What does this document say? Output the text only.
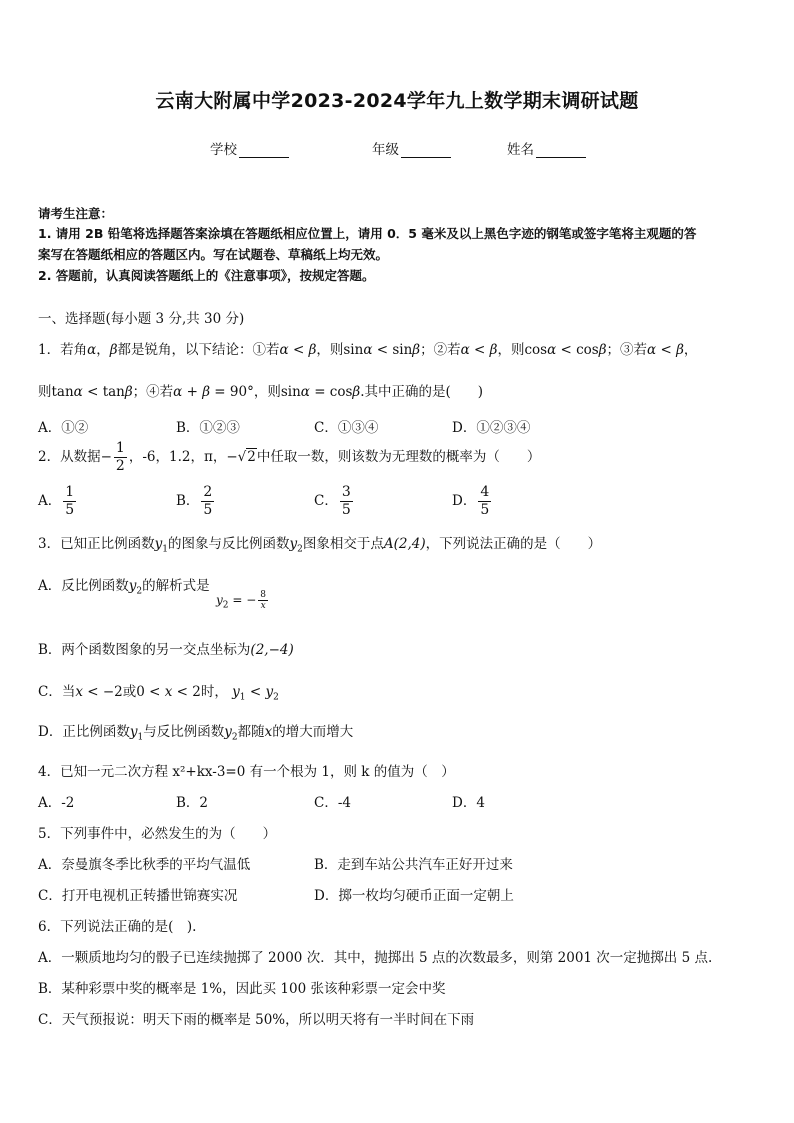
云南大附属中学2023-2024学年九上数学期末调研试题
学校	年级	姓名
请考生注意：
1. 请用 2B 铅笔将选择题答案涂填在答题纸相应位置上，请用 0．5 毫米及以上黑色字迹的钢笔或签字笔将主观题的答
案写在答题纸相应的答题区内。写在试题卷、草稿纸上均无效。
2. 答题前，认真阅读答题纸上的《注意事项》，按规定答题。
一、选择题(每小题 3 分,共 30 分)
1．若角α，β都是锐角，以下结论：①若α < β，则sinα < sinβ；②若α < β，则cosα < cosβ；③若α < β，
则tanα < tanβ；④若α + β = 90°，则sinα = cosβ.其中正确的是(　　)
A．①②	B．①②③	C．①③④	D．①②③④
2．从数据− $\frac{1}{2}$ ，-6，1.2，π，−√2中任取一数，则该数为无理数的概率为（　　）
A． $\frac{1}{5}$	B． $\frac{2}{5}$	C． $\frac{3}{5}$	D． $\frac{4}{5}$
3．已知正比例函数$y_1$的图象与反比例函数$y_2$图象相交于点A(2,4)，下列说法正确的是（　　）
A．反比例函数$y_2$的解析式是
$y_2$ = − $\frac{8}{x}$
B．两个函数图象的另一交点坐标为(2,−4)
C．当x < −2或0 < x < 2时， $y_1 < y_2$
D．正比例函数$y_1$与反比例函数$y_2$都随x的增大而增大
4．已知一元二次方程 x²+kx-3=0 有一个根为 1，则 k 的值为（　）
A．-2	B．2	C．-4	D．4
5．下列事件中，必然发生的为（　　）
A．奈曼旗冬季比秋季的平均气温低	B．走到车站公共汽车正好开过来
C．打开电视机正转播世锦赛实况	D．掷一枚均匀硬币正面一定朝上
6．下列说法正确的是(　).
A．一颗质地均匀的骰子已连续抛掷了 2000 次．其中，抛掷出 5 点的次数最多，则第 2001 次一定抛掷出 5 点.
B．某种彩票中奖的概率是 1%，因此买 100 张该种彩票一定会中奖
C．天气预报说：明天下雨的概率是 50%，所以明天将有一半时间在下雨
